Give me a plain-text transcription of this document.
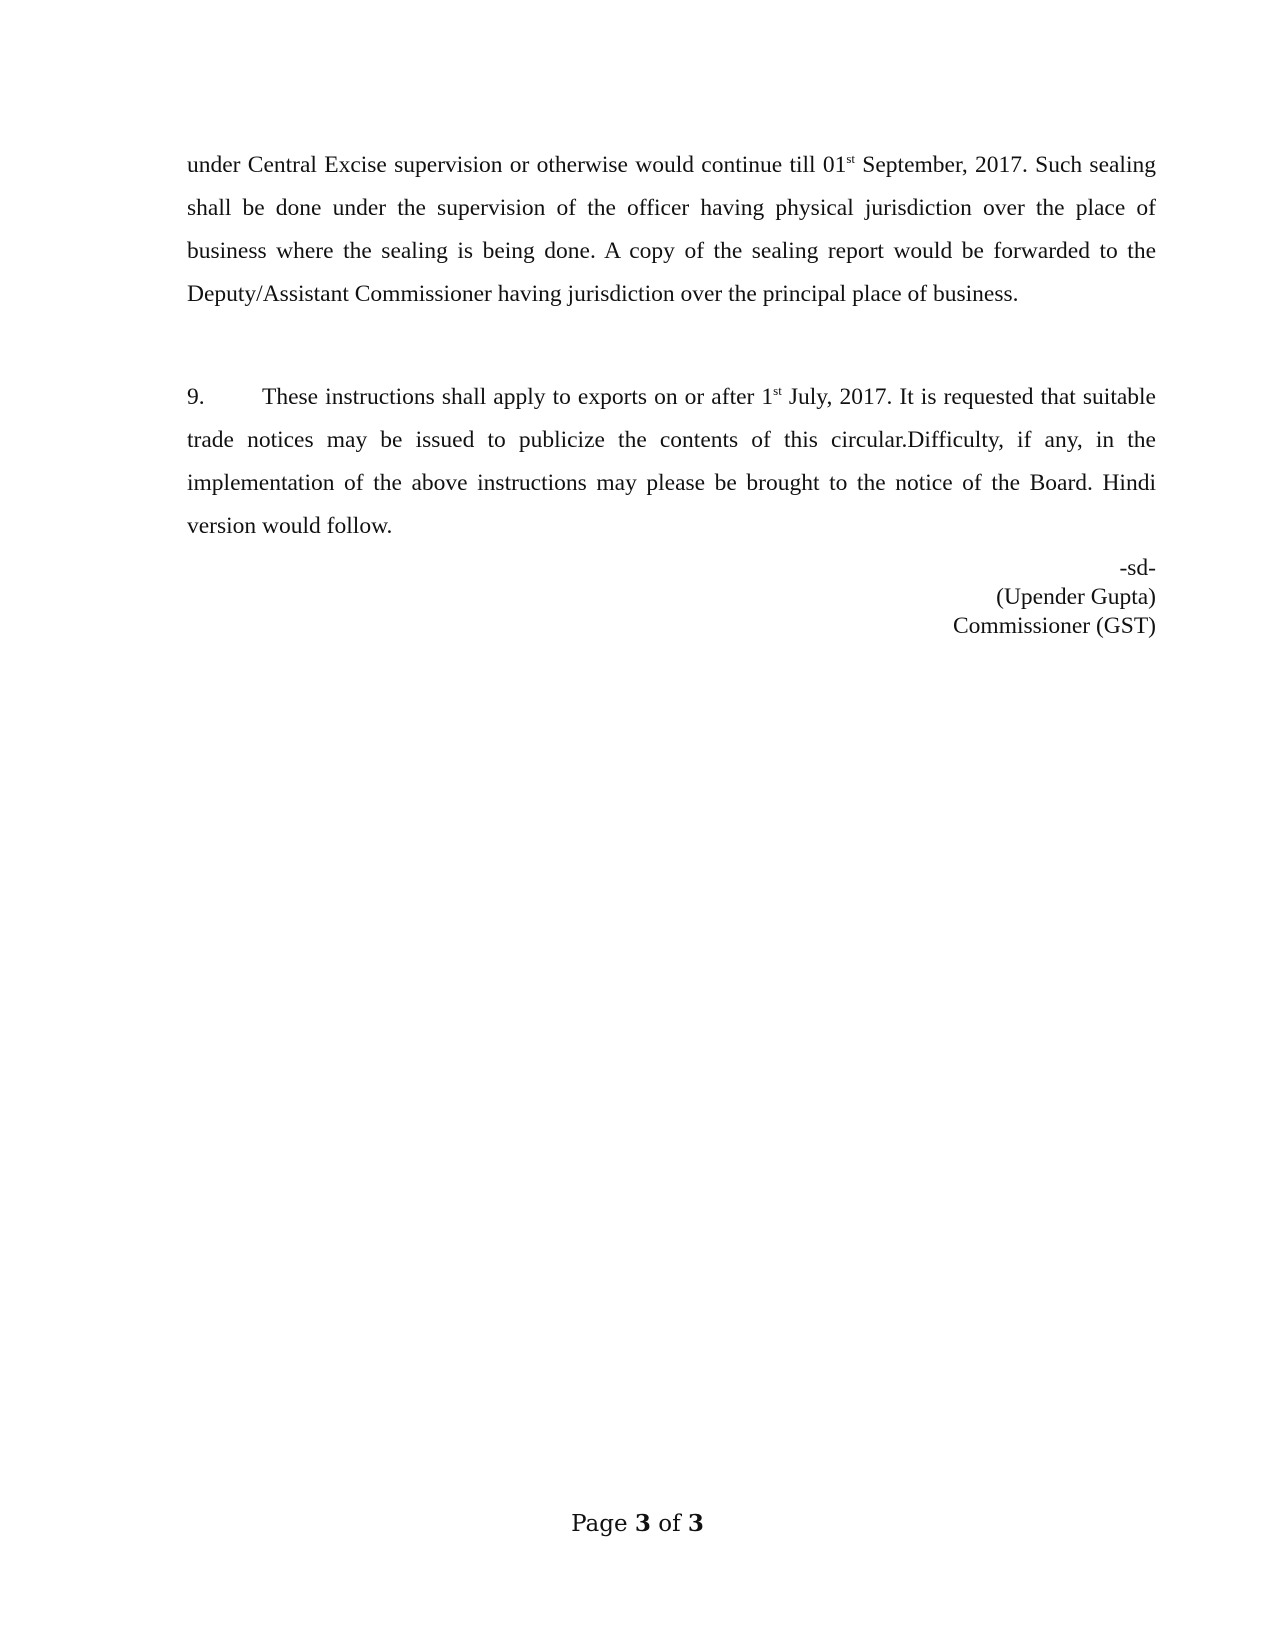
under Central Excise supervision or otherwise would continue till 01st September, 2017. Such sealing shall be done under the supervision of the officer having physical jurisdiction over the place of business where the sealing is being done. A copy of the sealing report would be forwarded to the Deputy/Assistant Commissioner having jurisdiction over the principal place of business.

9. These instructions shall apply to exports on or after 1st July, 2017. It is requested that suitable trade notices may be issued to publicize the contents of this circular.Difficulty, if any, in the implementation of the above instructions may please be brought to the notice of the Board. Hindi version would follow.

-sd-
(Upender Gupta)
Commissioner (GST)
Page 3 of 3
